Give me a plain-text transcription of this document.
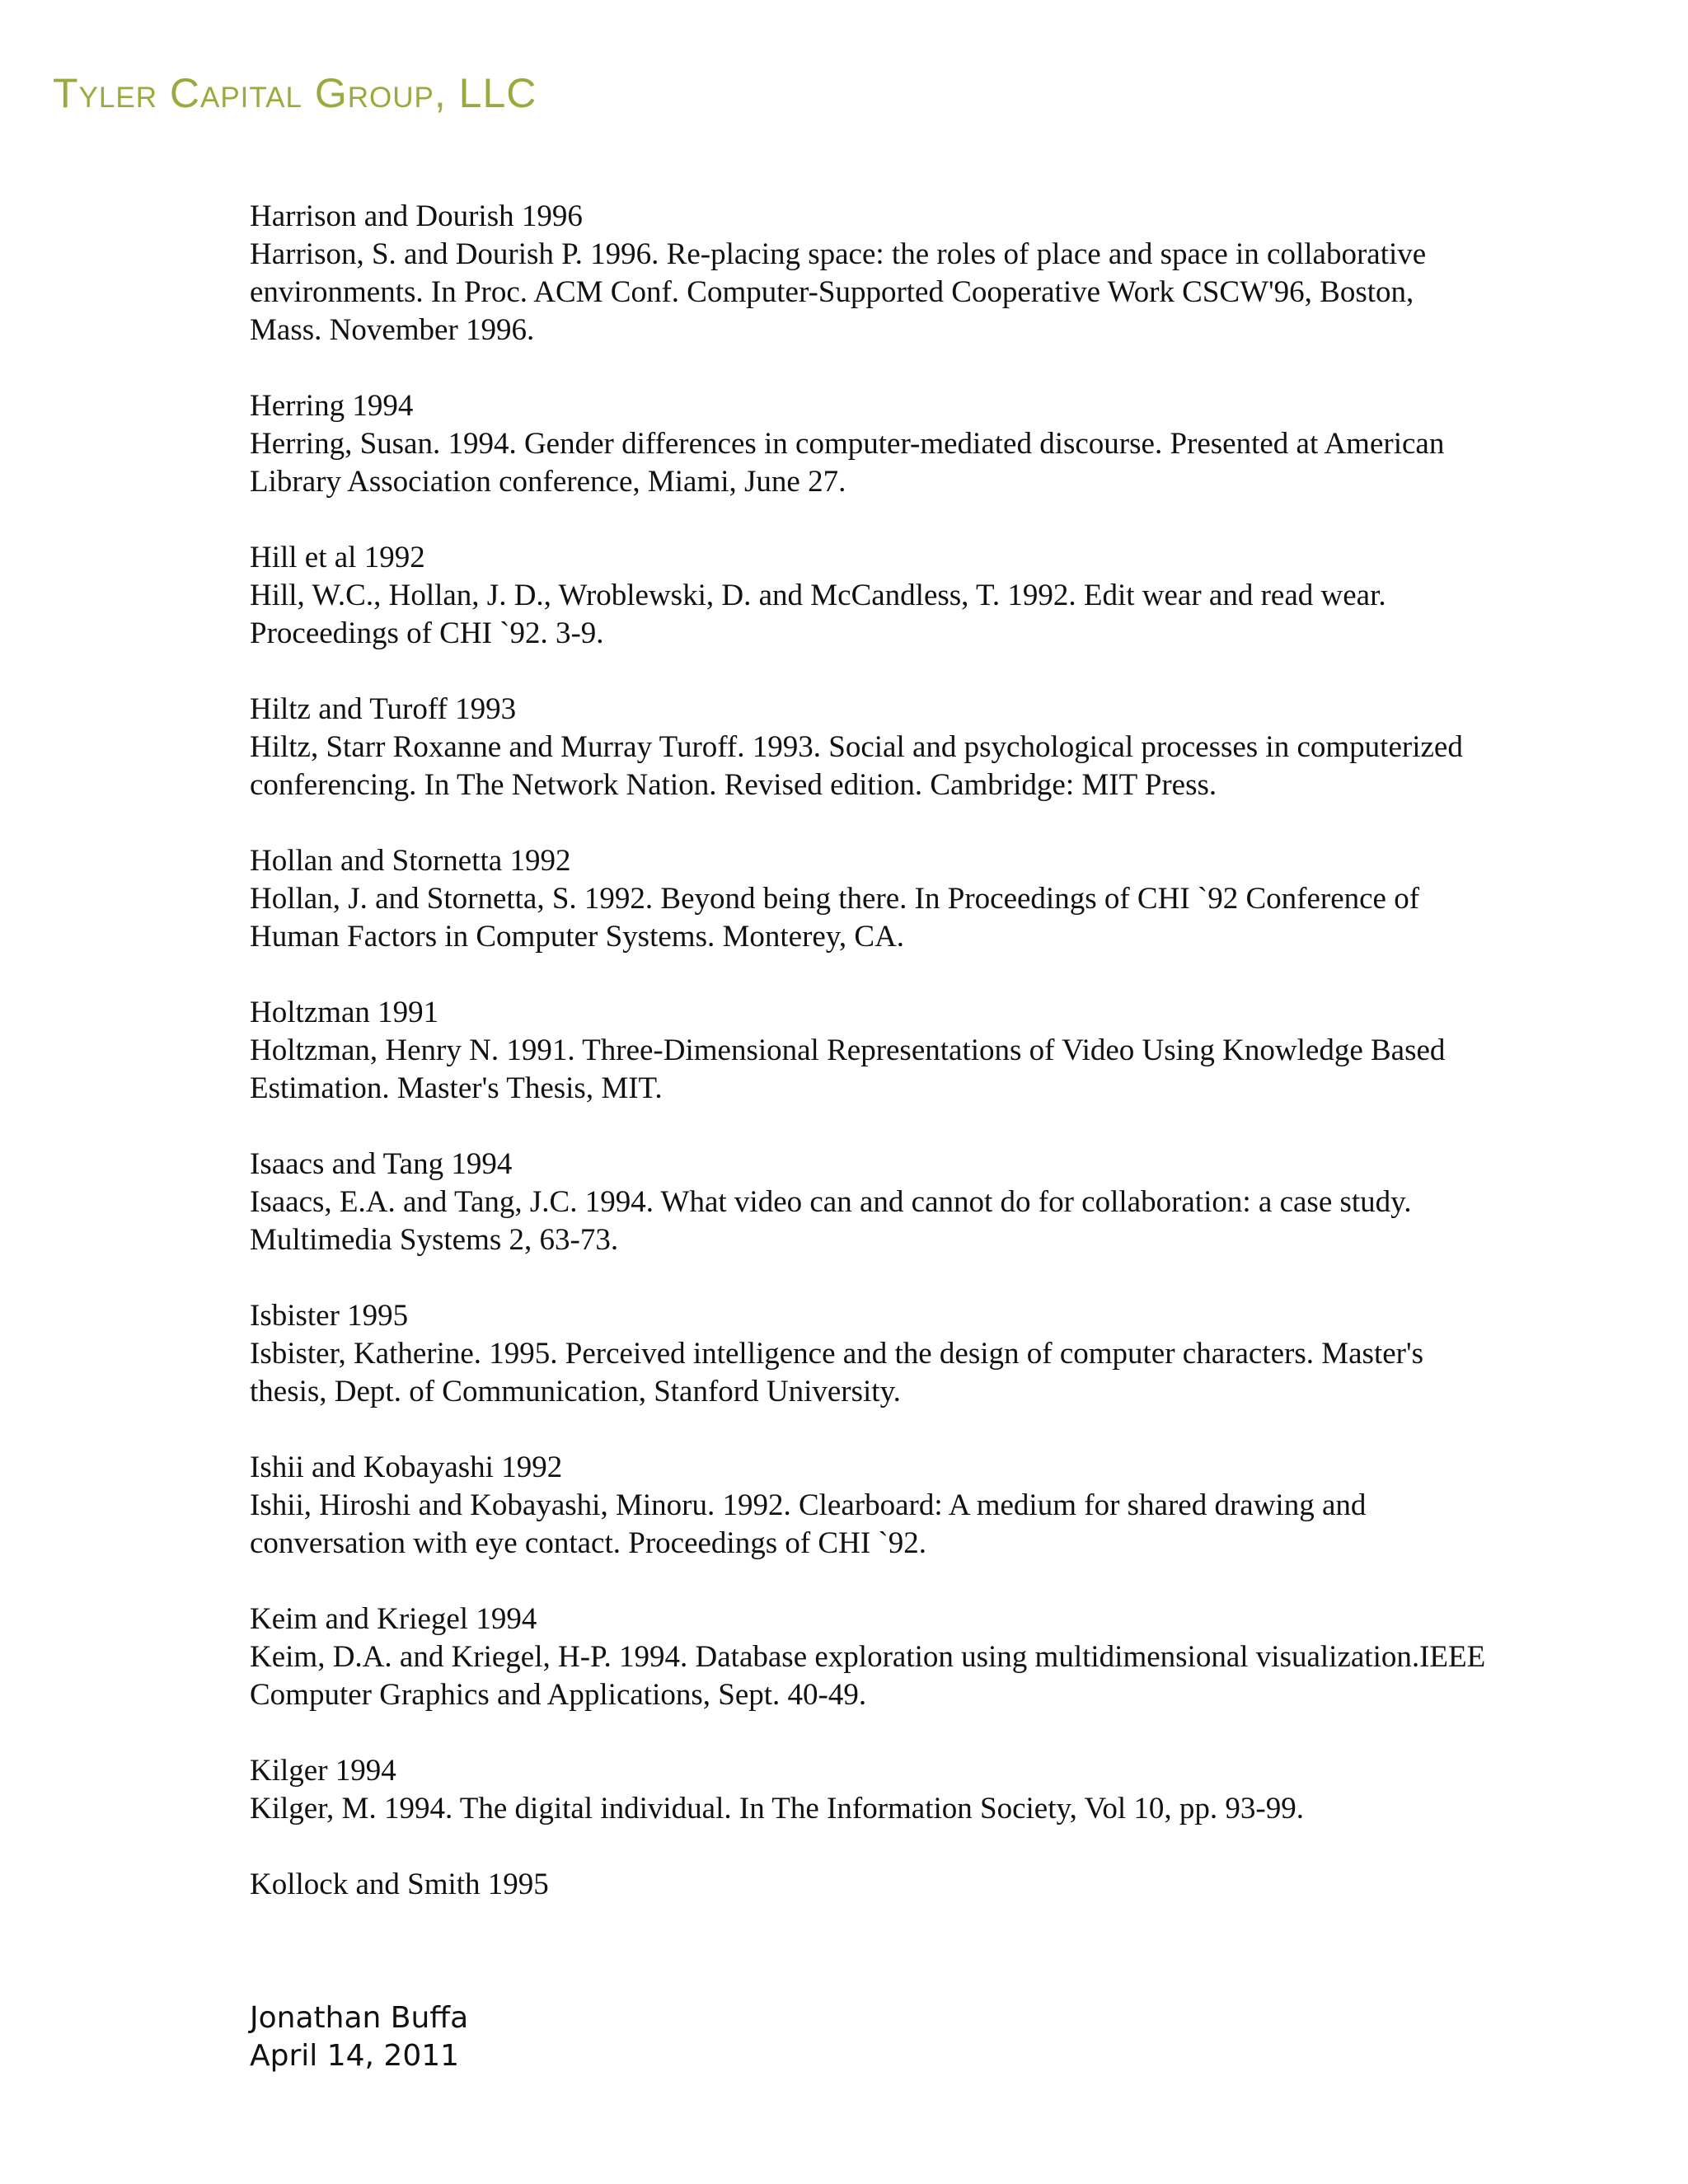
Tyler Capital Group, LLC
Harrison and Dourish 1996
Harrison, S. and Dourish P. 1996. Re-placing space: the roles of place and space in collaborative environments. In Proc. ACM Conf. Computer-Supported Cooperative Work CSCW'96, Boston, Mass. November 1996.
Herring 1994
Herring, Susan. 1994. Gender differences in computer-mediated discourse. Presented at American Library Association conference, Miami, June 27.
Hill et al 1992
Hill, W.C., Hollan, J. D., Wroblewski, D. and McCandless, T. 1992. Edit wear and read wear. Proceedings of CHI `92. 3-9.
Hiltz and Turoff 1993
Hiltz, Starr Roxanne and Murray Turoff. 1993. Social and psychological processes in computerized conferencing. In The Network Nation. Revised edition. Cambridge: MIT Press.
Hollan and Stornetta 1992
Hollan, J. and Stornetta, S. 1992. Beyond being there. In Proceedings of CHI `92 Conference of Human Factors in Computer Systems. Monterey, CA.
Holtzman 1991
Holtzman, Henry N. 1991. Three-Dimensional Representations of Video Using Knowledge Based Estimation. Master's Thesis, MIT.
Isaacs and Tang 1994
Isaacs, E.A. and Tang, J.C. 1994. What video can and cannot do for collaboration: a case study. Multimedia Systems 2, 63-73.
Isbister 1995
Isbister, Katherine. 1995. Perceived intelligence and the design of computer characters. Master's thesis, Dept. of Communication, Stanford University.
Ishii and Kobayashi 1992
Ishii, Hiroshi and Kobayashi, Minoru. 1992. Clearboard: A medium for shared drawing and conversation with eye contact. Proceedings of CHI `92.
Keim and Kriegel 1994
Keim, D.A. and Kriegel, H-P. 1994. Database exploration using multidimensional visualization.IEEE Computer Graphics and Applications, Sept. 40-49.
Kilger 1994
Kilger, M. 1994. The digital individual. In The Information Society, Vol 10, pp. 93-99.
Kollock and Smith 1995
Jonathan Buffa
April 14, 2011
